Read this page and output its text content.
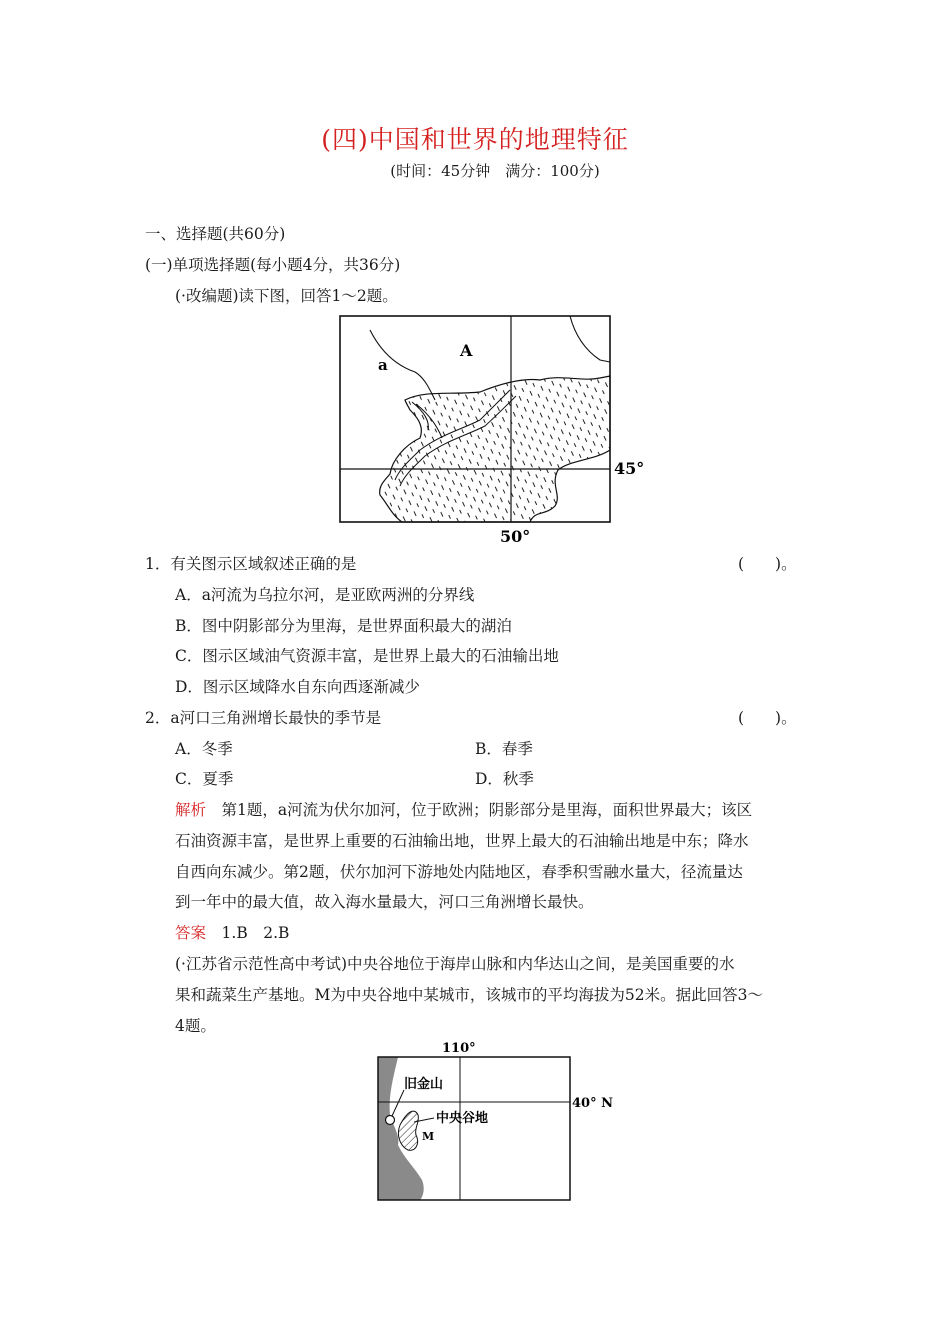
(四)中国和世界的地理特征
(时间：45分钟　满分：100分)
一、选择题(共60分)
(一)单项选择题(每小题4分，共36分)
(·改编题)读下图，回答1～2题。
a
A
45°
50°
1．有关图示区域叙述正确的是	(　　)。
A．a河流为乌拉尔河，是亚欧两洲的分界线
B．图中阴影部分为里海，是世界面积最大的湖泊
C．图示区域油气资源丰富，是世界上最大的石油输出地
D．图示区域降水自东向西逐渐减少
2．a河口三角洲增长最快的季节是	(　　)。
A．冬季	B．春季
C．夏季	D．秋季
解析　 第1题，a河流为伏尔加河，位于欧洲；阴影部分是里海，面积世界最大；该区
石油资源丰富，是世界上重要的石油输出地，世界上最大的石油输出地是中东；降水
自西向东减少。第2题，伏尔加河下游地处内陆地区，春季积雪融水量大，径流量达
到一年中的最大值，故入海水量最大，河口三角洲增长最快。
答案　 1.B　2.B
(·江苏省示范性高中考试)中央谷地位于海岸山脉和内华达山之间，是美国重要的水
果和蔬菜生产基地。M为中央谷地中某城市，该城市的平均海拔为52米。据此回答3～
4题。
110°
40° N
旧金山
中央谷地
M
